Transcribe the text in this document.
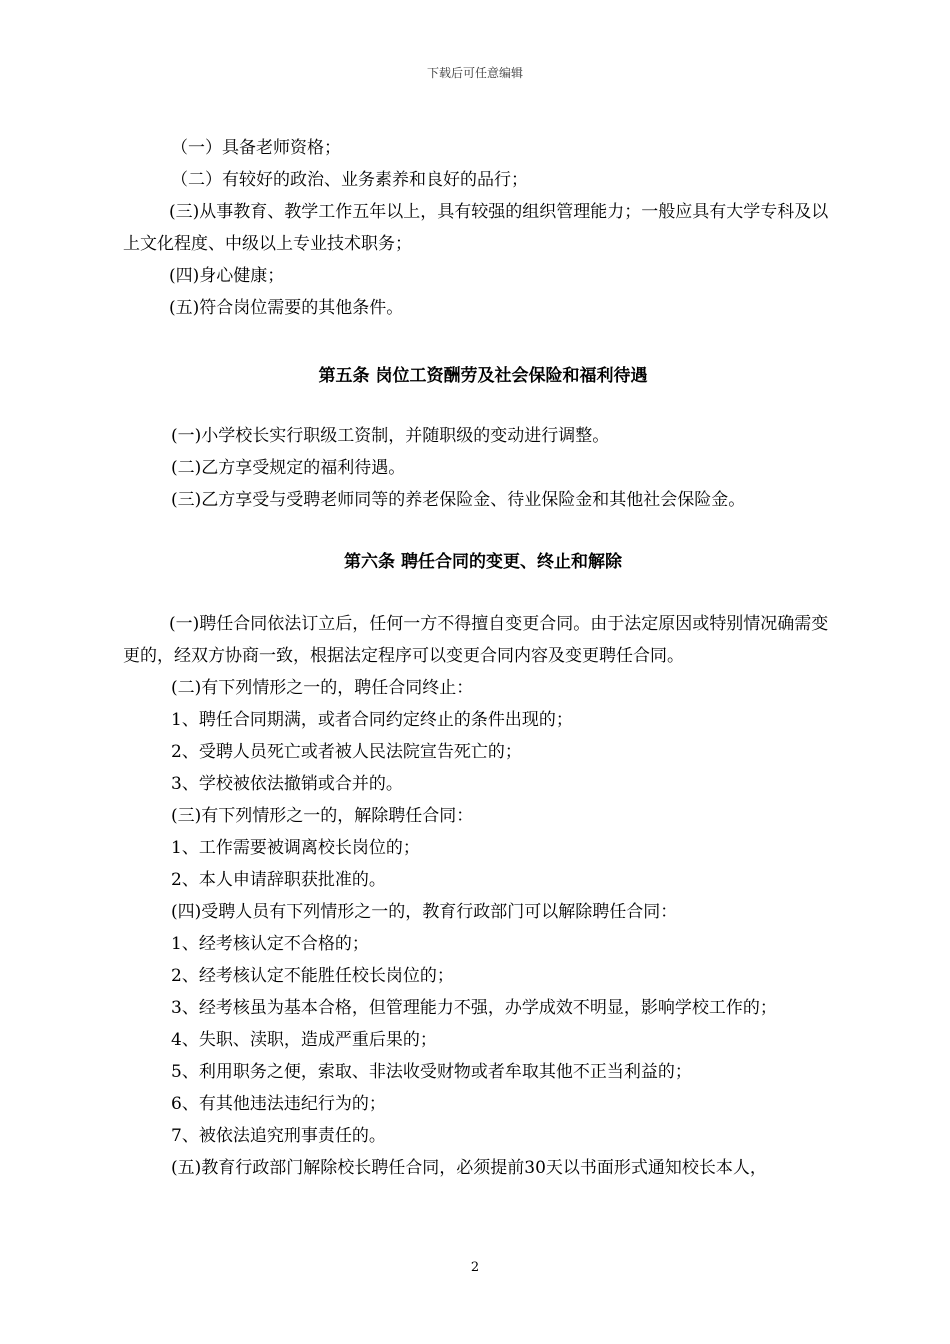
下载后可任意编辑

（一）具备老师资格；

（二）有较好的政治、业务素养和良好的品行；

(三)从事教育、教学工作五年以上，具有较强的组织管理能力；一般应具有大学专科及以上文化程度、中级以上专业技术职务；

(四)身心健康；

(五)符合岗位需要的其他条件。

第五条 岗位工资酬劳及社会保险和福利待遇

(一)小学校长实行职级工资制，并随职级的变动进行调整。

(二)乙方享受规定的福利待遇。

(三)乙方享受与受聘老师同等的养老保险金、待业保险金和其他社会保险金。

第六条 聘任合同的变更、终止和解除

(一)聘任合同依法订立后，任何一方不得擅自变更合同。由于法定原因或特别情况确需变更的，经双方协商一致，根据法定程序可以变更合同内容及变更聘任合同。

(二)有下列情形之一的，聘任合同终止：

1、聘任合同期满，或者合同约定终止的条件出现的；

2、受聘人员死亡或者被人民法院宣告死亡的；

3、学校被依法撤销或合并的。

(三)有下列情形之一的，解除聘任合同：

1、工作需要被调离校长岗位的；

2、本人申请辞职获批准的。

(四)受聘人员有下列情形之一的，教育行政部门可以解除聘任合同：

1、经考核认定不合格的；

2、经考核认定不能胜任校长岗位的；

3、经考核虽为基本合格，但管理能力不强，办学成效不明显，影响学校工作的；

4、失职、渎职，造成严重后果的；

5、利用职务之便，索取、非法收受财物或者牟取其他不正当利益的；

6、有其他违法违纪行为的；

7、被依法追究刑事责任的。

(五)教育行政部门解除校长聘任合同，必须提前30天以书面形式通知校长本人，

2
